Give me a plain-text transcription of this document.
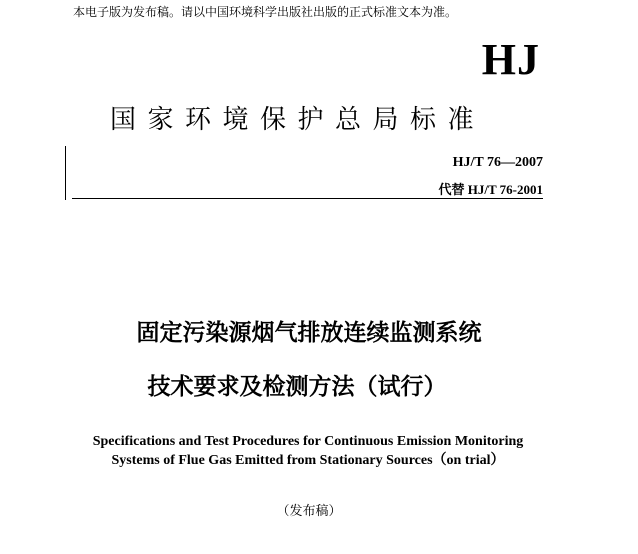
本电子版为发布稿。请以中国环境科学出版社出版的正式标准文本为准。
HJ
国家环境保护总局标准
HJ/T 76—2007
代替 HJ/T 76-2001
固定污染源烟气排放连续监测系统
技术要求及检测方法（试行）
Specifications and Test Procedures for Continuous Emission Monitoring
Systems of Flue Gas Emitted from Stationary Sources（on trial）
（发布稿）
